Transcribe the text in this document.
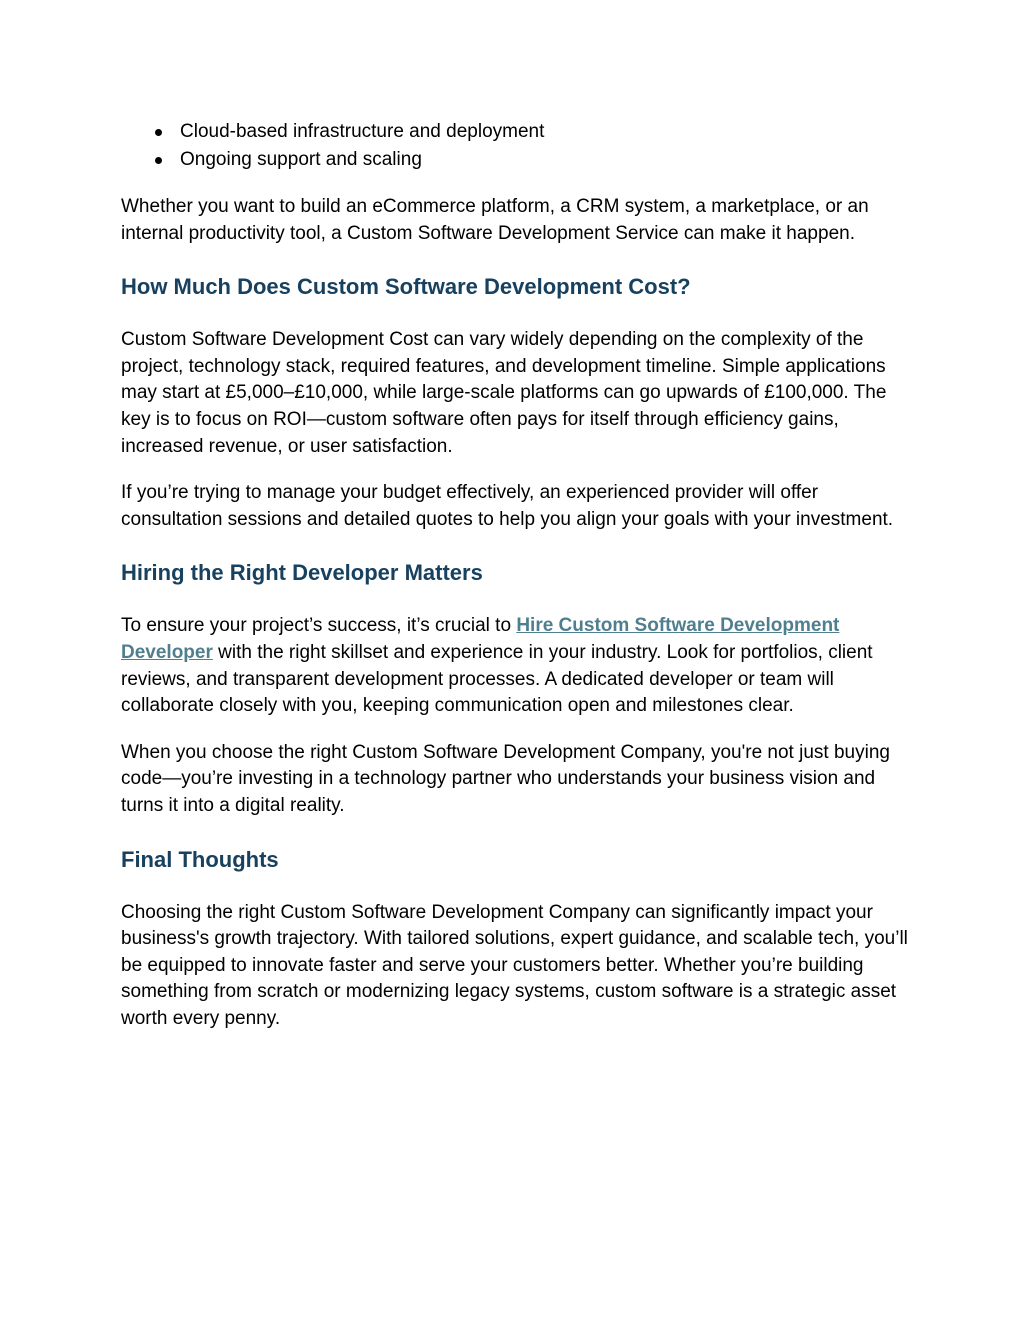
Cloud-based infrastructure and deployment
Ongoing support and scaling

Whether you want to build an eCommerce platform, a CRM system, a marketplace, or an internal productivity tool, a Custom Software Development Service can make it happen.

How Much Does Custom Software Development Cost?

Custom Software Development Cost can vary widely depending on the complexity of the project, technology stack, required features, and development timeline. Simple applications may start at £5,000–£10,000, while large-scale platforms can go upwards of £100,000. The key is to focus on ROI—custom software often pays for itself through efficiency gains, increased revenue, or user satisfaction.

If you’re trying to manage your budget effectively, an experienced provider will offer consultation sessions and detailed quotes to help you align your goals with your investment.

Hiring the Right Developer Matters

To ensure your project’s success, it’s crucial to Hire Custom Software Development Developer with the right skillset and experience in your industry. Look for portfolios, client reviews, and transparent development processes. A dedicated developer or team will collaborate closely with you, keeping communication open and milestones clear.

When you choose the right Custom Software Development Company, you're not just buying code—you’re investing in a technology partner who understands your business vision and turns it into a digital reality.

Final Thoughts

Choosing the right Custom Software Development Company can significantly impact your business's growth trajectory. With tailored solutions, expert guidance, and scalable tech, you’ll be equipped to innovate faster and serve your customers better. Whether you’re building something from scratch or modernizing legacy systems, custom software is a strategic asset worth every penny.
